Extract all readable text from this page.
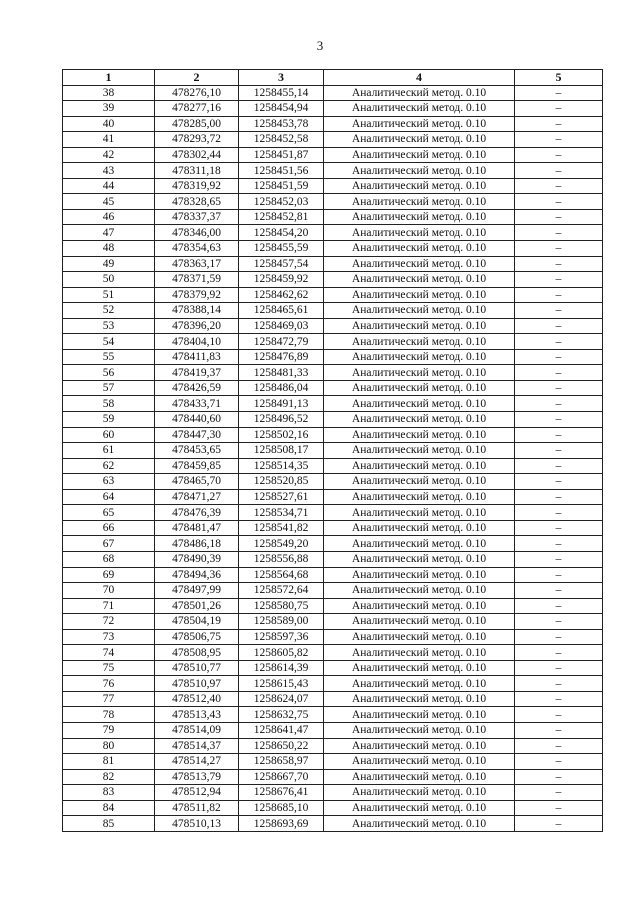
3
1	2	3	4	5
38	478276,10	1258455,14	Аналитический метод. 0.10	–
39	478277,16	1258454,94	Аналитический метод. 0.10	–
40	478285,00	1258453,78	Аналитический метод. 0.10	–
41	478293,72	1258452,58	Аналитический метод. 0.10	–
42	478302,44	1258451,87	Аналитический метод. 0.10	–
43	478311,18	1258451,56	Аналитический метод. 0.10	–
44	478319,92	1258451,59	Аналитический метод. 0.10	–
45	478328,65	1258452,03	Аналитический метод. 0.10	–
46	478337,37	1258452,81	Аналитический метод. 0.10	–
47	478346,00	1258454,20	Аналитический метод. 0.10	–
48	478354,63	1258455,59	Аналитический метод. 0.10	–
49	478363,17	1258457,54	Аналитический метод. 0.10	–
50	478371,59	1258459,92	Аналитический метод. 0.10	–
51	478379,92	1258462,62	Аналитический метод. 0.10	–
52	478388,14	1258465,61	Аналитический метод. 0.10	–
53	478396,20	1258469,03	Аналитический метод. 0.10	–
54	478404,10	1258472,79	Аналитический метод. 0.10	–
55	478411,83	1258476,89	Аналитический метод. 0.10	–
56	478419,37	1258481,33	Аналитический метод. 0.10	–
57	478426,59	1258486,04	Аналитический метод. 0.10	–
58	478433,71	1258491,13	Аналитический метод. 0.10	–
59	478440,60	1258496,52	Аналитический метод. 0.10	–
60	478447,30	1258502,16	Аналитический метод. 0.10	–
61	478453,65	1258508,17	Аналитический метод. 0.10	–
62	478459,85	1258514,35	Аналитический метод. 0.10	–
63	478465,70	1258520,85	Аналитический метод. 0.10	–
64	478471,27	1258527,61	Аналитический метод. 0.10	–
65	478476,39	1258534,71	Аналитический метод. 0.10	–
66	478481,47	1258541,82	Аналитический метод. 0.10	–
67	478486,18	1258549,20	Аналитический метод. 0.10	–
68	478490,39	1258556,88	Аналитический метод. 0.10	–
69	478494,36	1258564,68	Аналитический метод. 0.10	–
70	478497,99	1258572,64	Аналитический метод. 0.10	–
71	478501,26	1258580,75	Аналитический метод. 0.10	–
72	478504,19	1258589,00	Аналитический метод. 0.10	–
73	478506,75	1258597,36	Аналитический метод. 0.10	–
74	478508,95	1258605,82	Аналитический метод. 0.10	–
75	478510,77	1258614,39	Аналитический метод. 0.10	–
76	478510,97	1258615,43	Аналитический метод. 0.10	–
77	478512,40	1258624,07	Аналитический метод. 0.10	–
78	478513,43	1258632,75	Аналитический метод. 0.10	–
79	478514,09	1258641,47	Аналитический метод. 0.10	–
80	478514,37	1258650,22	Аналитический метод. 0.10	–
81	478514,27	1258658,97	Аналитический метод. 0.10	–
82	478513,79	1258667,70	Аналитический метод. 0.10	–
83	478512,94	1258676,41	Аналитический метод. 0.10	–
84	478511,82	1258685,10	Аналитический метод. 0.10	–
85	478510,13	1258693,69	Аналитический метод. 0.10	–
